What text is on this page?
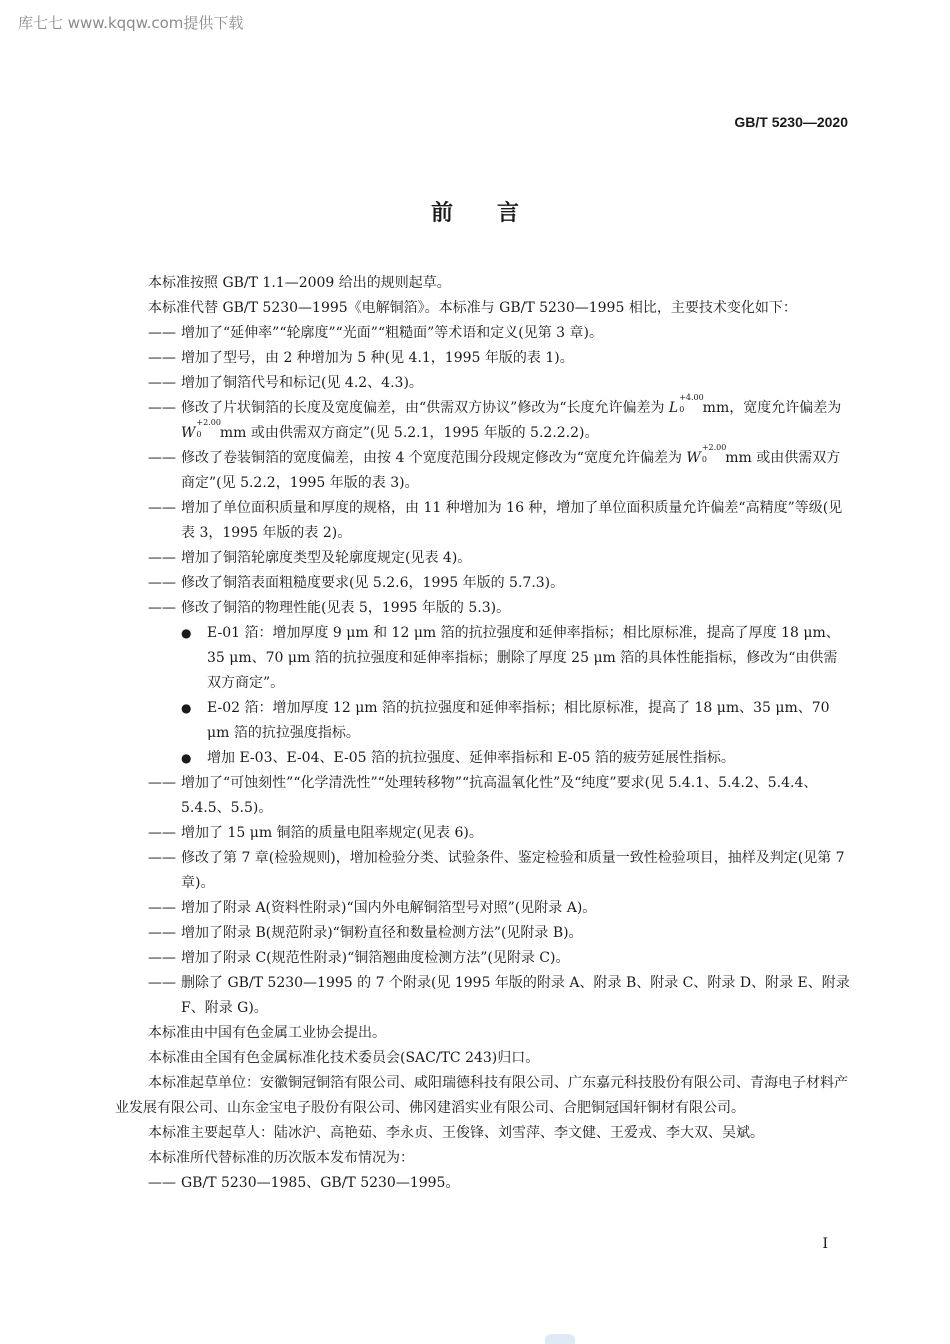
库七七 www.kqqw.com提供下载
GB/T 5230—2020
前言

本标准按照 GB/T 1.1—2009 给出的规则起草。

本标准代替 GB/T 5230—1995《电解铜箔》。本标准与 GB/T 5230—1995 相比，主要技术变化如下：

—— 增加了“延伸率”“轮廓度”“光面”“粗糙面”等术语和定义(见第 3 章)。

—— 增加了型号，由 2 种增加为 5 种(见 4.1，1995 年版的表 1)。

—— 增加了铜箔代号和标记(见 4.2、4.3)。

—— 修改了片状铜箔的长度及宽度偏差，由“供需双方协议”修改为“长度允许偏差为 L
+4.00
0 mm，宽度允许偏差为 W
+2.00
0 mm 或由供需双方商定”(见 5.2.1，1995 年版的 5.2.2.2)。

—— 修改了卷装铜箔的宽度偏差，由按 4 个宽度范围分段规定修改为“宽度允许偏差为 W
+2.00
0 mm 或由供需双方商定”(见 5.2.2，1995 年版的表 3)。

—— 增加了单位面积质量和厚度的规格，由 11 种增加为 16 种，增加了单位面积质量允许偏差“高精度”等级(见表 3，1995 年版的表 2)。

—— 增加了铜箔轮廓度类型及轮廓度规定(见表 4)。

—— 修改了铜箔表面粗糙度要求(见 5.2.6，1995 年版的 5.7.3)。

—— 修改了铜箔的物理性能(见表 5，1995 年版的 5.3)。

● E-01 箔：增加厚度 9 μm 和 12 μm 箔的抗拉强度和延伸率指标；相比原标准，提高了厚度 18 μm、35 μm、70 μm 箔的抗拉强度和延伸率指标；删除了厚度 25 μm 箔的具体性能指标，修改为“由供需双方商定”。

● E-02 箔：增加厚度 12 μm 箔的抗拉强度和延伸率指标；相比原标准，提高了 18 μm、35 μm、70 μm 箔的抗拉强度指标。

● 增加 E-03、E-04、E-05 箔的抗拉强度、延伸率指标和 E-05 箔的疲劳延展性指标。

—— 增加了“可蚀刻性”“化学清洗性”“处理转移物”“抗高温氧化性”及“纯度”要求(见 5.4.1、5.4.2、5.4.4、5.4.5、5.5)。

—— 增加了 15 μm 铜箔的质量电阻率规定(见表 6)。

—— 修改了第 7 章(检验规则)，增加检验分类、试验条件、鉴定检验和质量一致性检验项目，抽样及判定(见第 7 章)。

—— 增加了附录 A(资料性附录)“国内外电解铜箔型号对照”(见附录 A)。

—— 增加了附录 B(规范附录)“铜粉直径和数量检测方法”(见附录 B)。

—— 增加了附录 C(规范性附录)“铜箔翘曲度检测方法”(见附录 C)。

—— 删除了 GB/T 5230—1995 的 7 个附录(见 1995 年版的附录 A、附录 B、附录 C、附录 D、附录 E、附录 F、附录 G)。

本标准由中国有色金属工业协会提出。

本标准由全国有色金属标准化技术委员会(SAC/TC 243)归口。

本标准起草单位：安徽铜冠铜箔有限公司、咸阳瑞德科技有限公司、广东嘉元科技股份有限公司、青海电子材料产业发展有限公司、山东金宝电子股份有限公司、佛冈建滔实业有限公司、合肥铜冠国轩铜材有限公司。

本标准主要起草人：陆冰沪、高艳茹、李永贞、王俊锋、刘雪萍、李文健、王爱戎、李大双、吴斌。

本标准所代替标准的历次版本发布情况为：

—— GB/T 5230—1985、GB/T 5230—1995。

I
